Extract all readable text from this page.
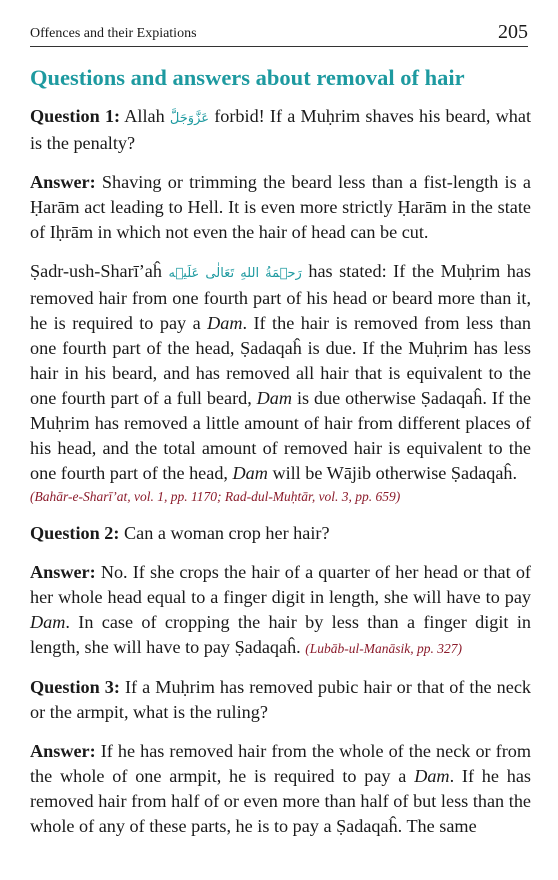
Offences and their Expiations	205
Questions and answers about removal of hair

Question 1: Allah عَزَّوَجَلَّ forbid! If a Muḥrim shaves his beard, what is the penalty?

Answer: Shaving or trimming the beard less than a fist-length is a Ḥarām act leading to Hell. It is even more strictly Ḥarām in the state of Iḥrām in which not even the hair of head can be cut.

Ṣadr-ush-Sharī’aĥ رَحۡمَةُ اللهِ تَعَالٰی عَلَیۡه has stated: If the Muḥrim has removed hair from one fourth part of his head or beard more than it, he is required to pay a Dam. If the hair is removed from less than one fourth part of the head, Ṣadaqaĥ is due. If the Muḥrim has less hair in his beard, and has removed all hair that is equivalent to the one fourth part of a full beard, Dam is due otherwise Ṣadaqaĥ. If the Muḥrim has removed a little amount of hair from different places of his head, and the total amount of removed hair is equivalent to the one fourth part of the head, Dam will be Wājib otherwise Ṣadaqaĥ.

(Bahār-e-Sharī’at, vol. 1, pp. 1170; Rad-dul-Muḥtār, vol. 3, pp. 659)

Question 2: Can a woman crop her hair?

Answer: No. If she crops the hair of a quarter of her head or that of her whole head equal to a finger digit in length, she will have to pay Dam. In case of cropping the hair by less than a finger digit in length, she will have to pay Ṣadaqaĥ. (Lubāb-ul-Manāsik, pp. 327)

Question 3: If a Muḥrim has removed pubic hair or that of the neck or the armpit, what is the ruling?

Answer: If he has removed hair from the whole of the neck or from the whole of one armpit, he is required to pay a Dam. If he has removed hair from half of or even more than half of but less than the whole of any of these parts, he is to pay a Ṣadaqaĥ. The same
